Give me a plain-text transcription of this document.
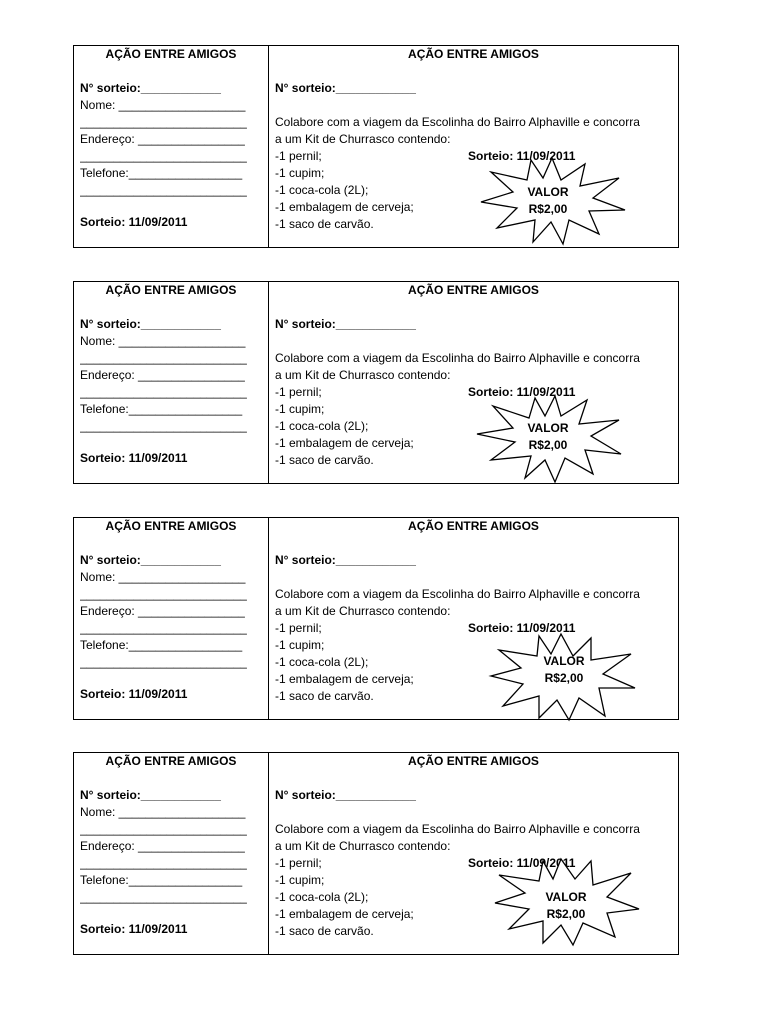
AÇÃO ENTRE AMIGOS
N° sorteio:____________
Nome: ___________________
_________________________
Endereço: ________________
_________________________
Telefone:_________________
_________________________
Sorteio: 11/09/2011
AÇÃO ENTRE AMIGOS
N° sorteio:____________
Colabore com a viagem da Escolinha do Bairro Alphaville e concorra
a um Kit de Churrasco contendo:
-1 pernil;
-1 cupim;
-1 coca-cola (2L);
-1 embalagem de cerveja;
-1 saco de carvão.
Sorteio: 11/09/2011
VALOR
R$2,00
AÇÃO ENTRE AMIGOS
N° sorteio:____________
Nome: ___________________
_________________________
Endereço: ________________
_________________________
Telefone:_________________
_________________________
Sorteio: 11/09/2011
AÇÃO ENTRE AMIGOS
N° sorteio:____________
Colabore com a viagem da Escolinha do Bairro Alphaville e concorra
a um Kit de Churrasco contendo:
-1 pernil;
-1 cupim;
-1 coca-cola (2L);
-1 embalagem de cerveja;
-1 saco de carvão.
Sorteio: 11/09/2011
VALOR
R$2,00
AÇÃO ENTRE AMIGOS
N° sorteio:____________
Nome: ___________________
_________________________
Endereço: ________________
_________________________
Telefone:_________________
_________________________
Sorteio: 11/09/2011
AÇÃO ENTRE AMIGOS
N° sorteio:____________
Colabore com a viagem da Escolinha do Bairro Alphaville e concorra
a um Kit de Churrasco contendo:
-1 pernil;
-1 cupim;
-1 coca-cola (2L);
-1 embalagem de cerveja;
-1 saco de carvão.
Sorteio: 11/09/2011
VALOR
R$2,00
AÇÃO ENTRE AMIGOS
N° sorteio:____________
Nome: ___________________
_________________________
Endereço: ________________
_________________________
Telefone:_________________
_________________________
Sorteio: 11/09/2011
AÇÃO ENTRE AMIGOS
N° sorteio:____________
Colabore com a viagem da Escolinha do Bairro Alphaville e concorra
a um Kit de Churrasco contendo:
-1 pernil;
-1 cupim;
-1 coca-cola (2L);
-1 embalagem de cerveja;
-1 saco de carvão.
Sorteio: 11/09/2011
VALOR
R$2,00
